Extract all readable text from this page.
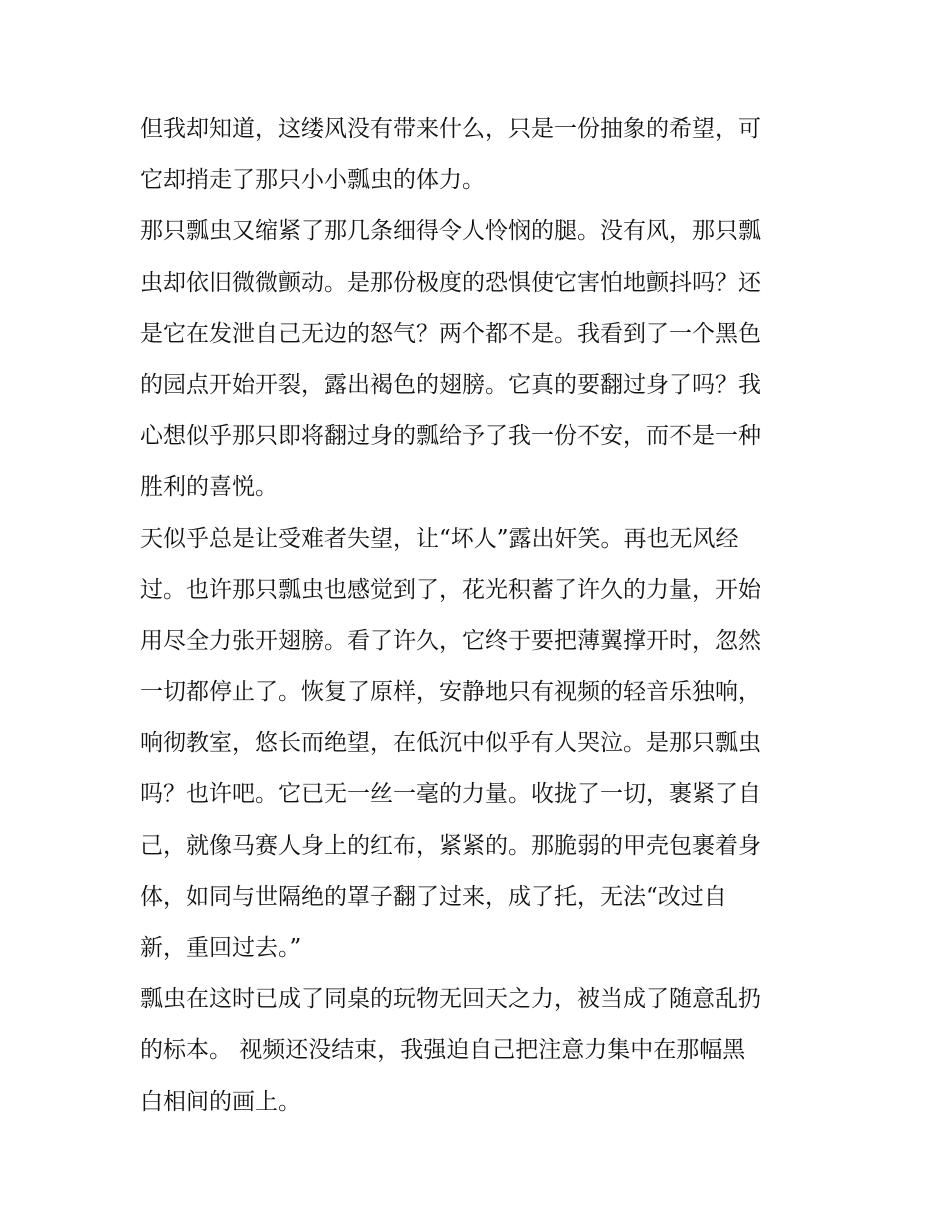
但我却知道，这缕风没有带来什么，只是一份抽象的希望，可
它却捎走了那只小小瓢虫的体力。
那只瓢虫又缩紧了那几条细得令人怜悯的腿。没有风，那只瓢
虫却依旧微微颤动。是那份极度的恐惧使它害怕地颤抖吗？还
是它在发泄自己无边的怒气？两个都不是。我看到了一个黑色
的园点开始开裂，露出褐色的翅膀。它真的要翻过身了吗？我
心想似乎那只即将翻过身的瓢给予了我一份不安，而不是一种
胜利的喜悦。
天似乎总是让受难者失望，让“坏人”露出奸笑。再也无风经
过。也许那只瓢虫也感觉到了，花光积蓄了许久的力量，开始
用尽全力张开翅膀。看了许久，它终于要把薄翼撑开时，忽然
一切都停止了。恢复了原样，安静地只有视频的轻音乐独响，
响彻教室，悠长而绝望，在低沉中似乎有人哭泣。是那只瓢虫
吗？也许吧。它已无一丝一毫的力量。收拢了一切，裹紧了自
己，就像马赛人身上的红布，紧紧的。那脆弱的甲壳包裹着身
体，如同与世隔绝的罩子翻了过来，成了托，无法“改过自
新，重回过去。”
瓢虫在这时已成了同桌的玩物无回天之力，被当成了随意乱扔
的标本。 视频还没结束，我强迫自己把注意力集中在那幅黑
白相间的画上。
